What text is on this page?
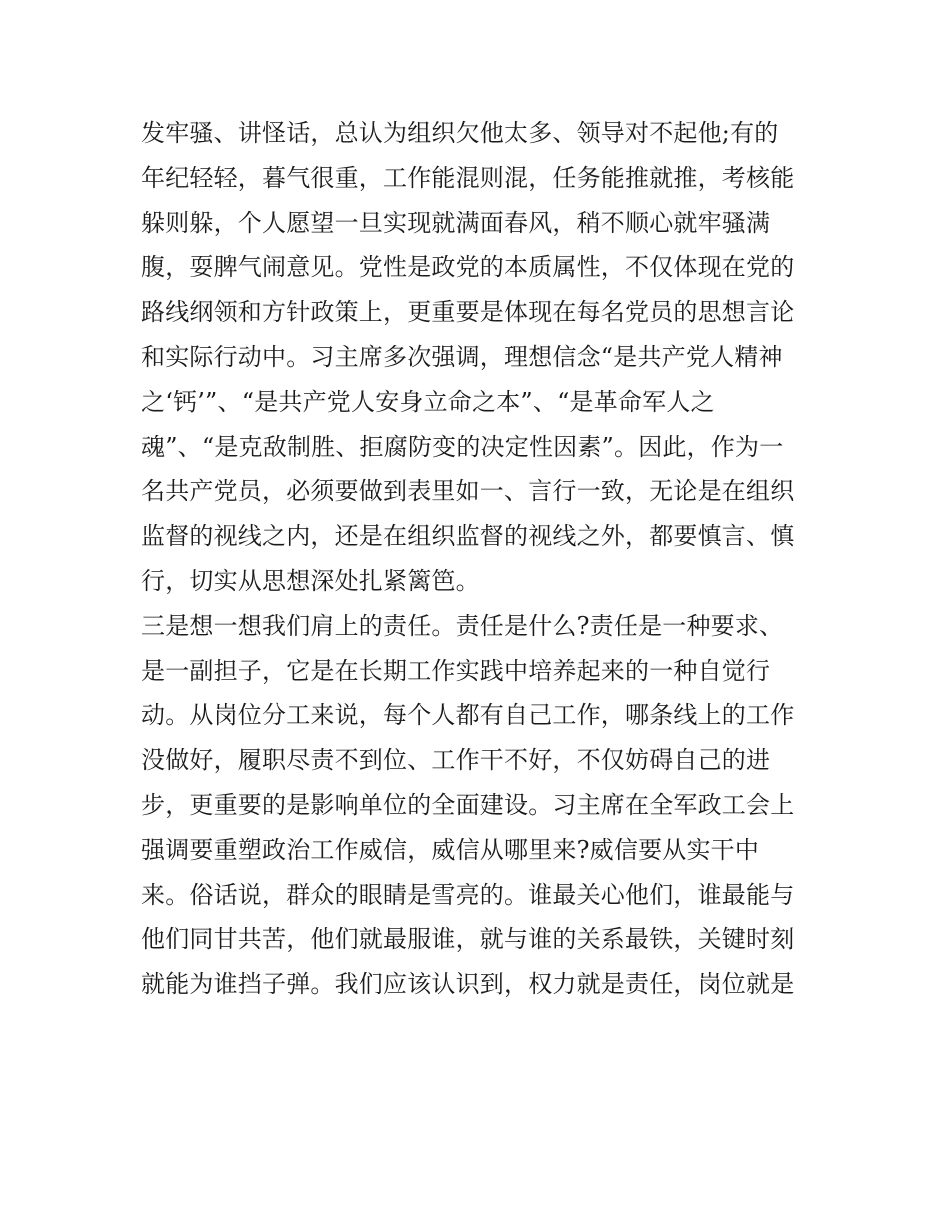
发牢骚、讲怪话，总认为组织欠他太多、领导对不起他;有的
年纪轻轻，暮气很重，工作能混则混，任务能推就推，考核能
躲则躲，个人愿望一旦实现就满面春风，稍不顺心就牢骚满
腹，耍脾气闹意见。党性是政党的本质属性，不仅体现在党的
路线纲领和方针政策上，更重要是体现在每名党员的思想言论
和实际行动中。习主席多次强调，理想信念“是共产党人精神
之‘钙’”、“是共产党人安身立命之本”、“是革命军人之
魂”、“是克敌制胜、拒腐防变的决定性因素”。因此，作为一
名共产党员，必须要做到表里如一、言行一致，无论是在组织
监督的视线之内，还是在组织监督的视线之外，都要慎言、慎
行，切实从思想深处扎紧篱笆。
三是想一想我们肩上的责任。责任是什么?责任是一种要求、
是一副担子，它是在长期工作实践中培养起来的一种自觉行
动。从岗位分工来说，每个人都有自己工作，哪条线上的工作
没做好，履职尽责不到位、工作干不好，不仅妨碍自己的进
步，更重要的是影响单位的全面建设。习主席在全军政工会上
强调要重塑政治工作威信，威信从哪里来?威信要从实干中
来。俗话说，群众的眼睛是雪亮的。谁最关心他们，谁最能与
他们同甘共苦，他们就最服谁，就与谁的关系最铁，关键时刻
就能为谁挡子弹。我们应该认识到，权力就是责任，岗位就是
